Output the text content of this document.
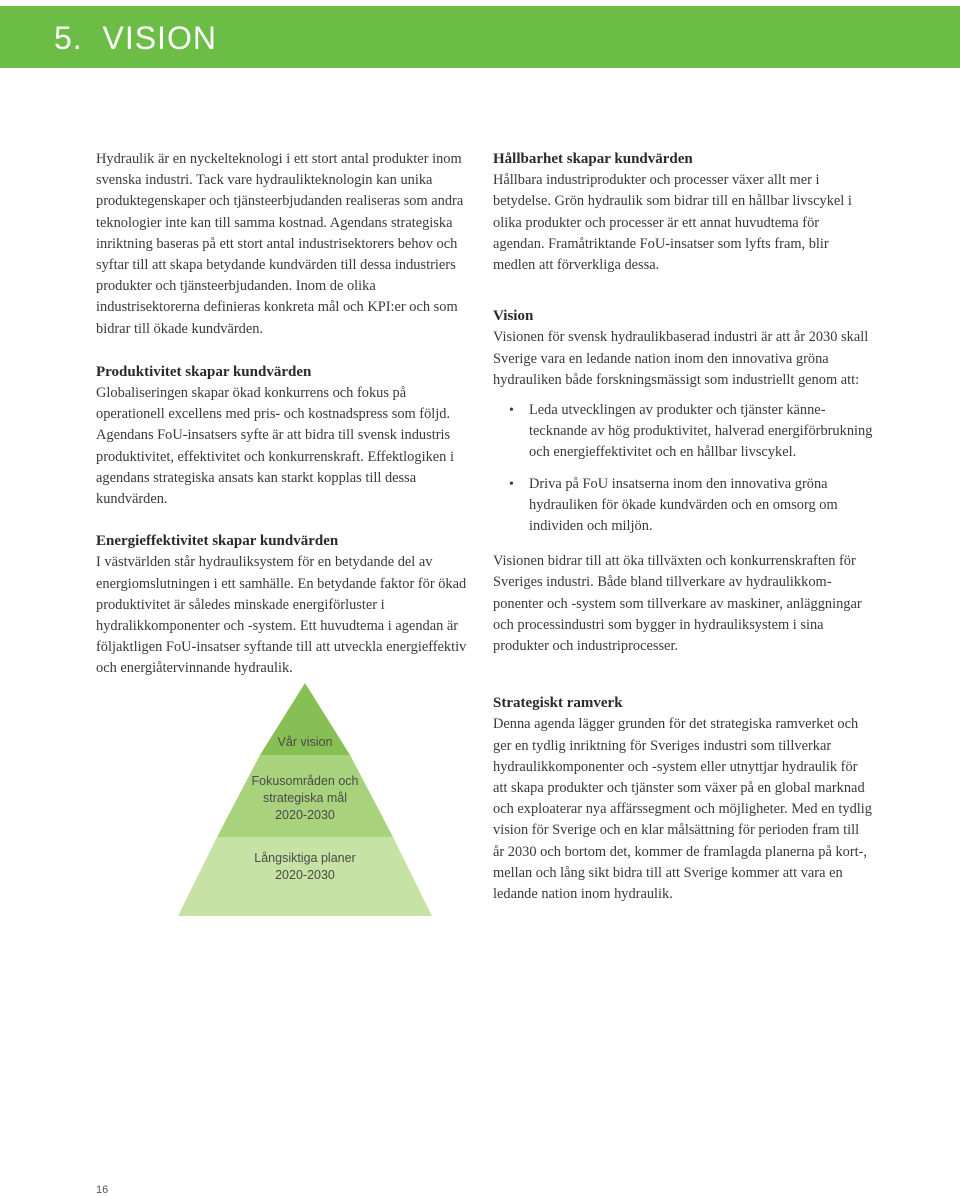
5.  VISION

Hydraulik är en nyckelteknologi i ett stort antal produkter inom svenska industri. Tack vare hydraulikteknologin kan unika produktegenskaper och tjänsteerbjudanden realiseras som andra teknologier inte kan till samma kostnad. Agendans strategiska inriktning baseras på ett stort antal industrisektorers behov och syftar till att skapa betydande kundvärden till dessa industriers produkter och tjänsteerbjudanden. Inom de olika industrisektorerna definieras konkreta mål och KPI:er och som bidrar till ökade kundvärden.

Produktivitet skapar kundvärden

Globaliseringen skapar ökad konkurrens och fokus på operationell excellens med pris- och kostnadspress som följd. Agendans FoU-insatsers syfte är att bidra till svensk industris produktivitet, effektivitet och konkurrenskraft. Effektlogiken i agendans strategiska ansats kan starkt kopplas till dessa kundvärden.

Energieffektivitet skapar kundvärden

I västvärlden står hydrauliksystem för en betydande del av energiomslutningen i ett samhälle. En betydande faktor för ökad produktivitet är således minskade energiförluster i hydralikkomponenter och -system. Ett huvudtema i agendan är följaktligen FoU-insatser syftande till att utveckla energieffektiv och energiåtervinnande hydraulik.

Vår vision
Fokusområden och strategiska mål 2020-2030
Långsiktiga planer 2020-2030
Hållbarhet skapar kundvärden

Hållbara industriprodukter och processer växer allt mer i betydelse. Grön hydraulik som bidrar till en hållbar livscykel i olika produkter och processer är ett annat huvudtema för agendan. Framåtriktande FoU-insatser som lyfts fram, blir medlen att förverkliga dessa.

Vision

Visionen för svensk hydraulikbaserad industri är att år 2030 skall Sverige vara en ledande nation inom den innovativa gröna hydrauliken både forskningsmässigt som industriellt genom att:

• Leda utvecklingen av produkter och tjänster kännetecknande av hög produktivitet, halverad energiförbrukning och energieffektivitet och en hållbar livscykel.
• Driva på FoU insatserna inom den innovativa gröna hydrauliken för ökade kundvärden och en omsorg om individen och miljön.

Visionen bidrar till att öka tillväxten och konkurrenskraften för Sveriges industri. Både bland tillverkare av hydraulikkomponenter och -system som tillverkare av maskiner, anläggningar och processindustri som bygger in hydrauliksystem i sina produkter och industriprocesser.

Strategiskt ramverk

Denna agenda lägger grunden för det strategiska ramverket och ger en tydlig inriktning för Sveriges industri som tillverkar hydraulikkomponenter och -system eller utnyttjar hydraulik för att skapa produkter och tjänster som växer på en global marknad och exploaterar nya affärssegment och möjligheter. Med en tydlig vision för Sverige och en klar målsättning för perioden fram till år 2030 och bortom det, kommer de framlagda planerna på kort-, mellan och lång sikt bidra till att Sverige kommer att vara en ledande nation inom hydraulik.

16
